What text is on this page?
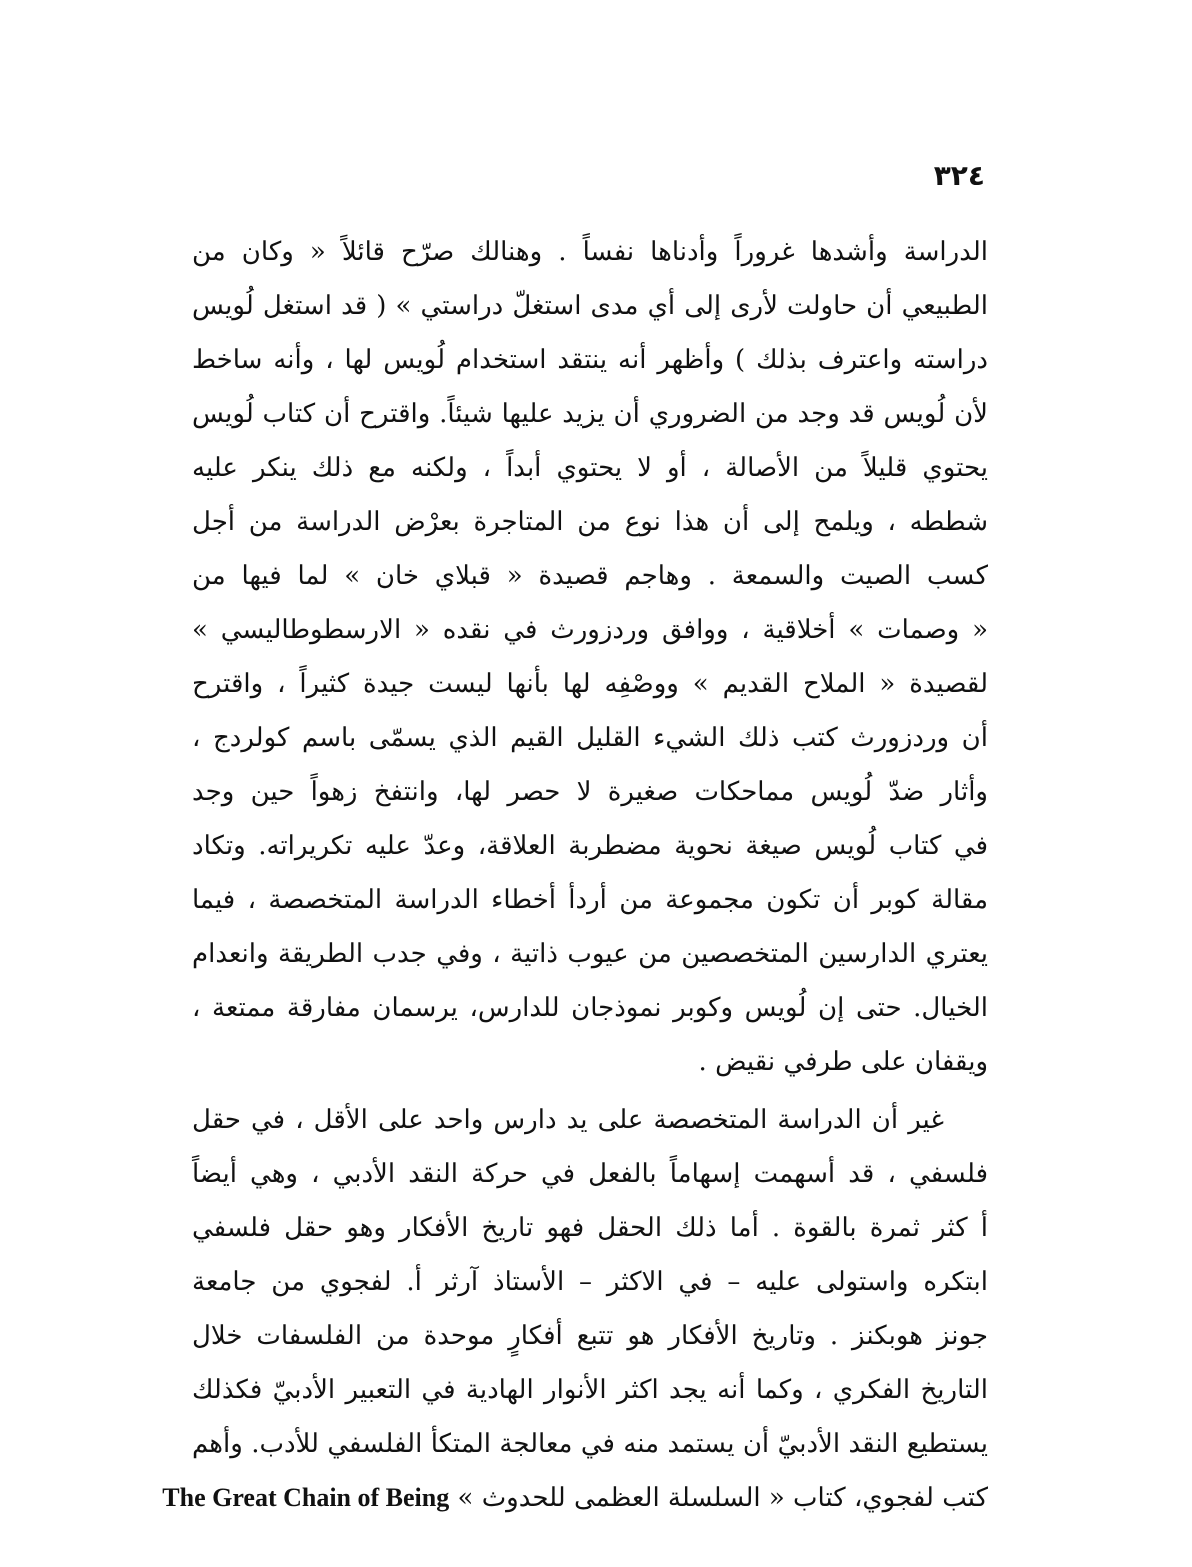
٣٢٤
الدراسة وأشدها غروراً وأدناها نفساً . وهنالك صرّح قائلاً « وكان من
الطبيعي أن حاولت لأرى إلى أي مدى استغلّ دراستي » ( قد استغل لُويس
دراسته واعترف بذلك ) وأظهر أنه ينتقد استخدام لُويس لها ، وأنه ساخط
لأن لُويس قد وجد من الضروري أن يزيد عليها شيئاً. واقترح أن كتاب لُويس
يحتوي قليلاً من الأصالة ، أو لا يحتوي أبداً ، ولكنه مع ذلك ينكر عليه
شططه ، ويلمح إلى أن هذا نوع من المتاجرة بعرْض الدراسة من أجل
كسب الصيت والسمعة . وهاجم قصيدة « قبلاي خان » لما فيها من
« وصمات » أخلاقية ، ووافق وردزورث في نقده « الارسطوطاليسي »
لقصيدة « الملاح القديم » ووصْفِه لها بأنها ليست جيدة كثيراً ، واقترح
أن وردزورث كتب ذلك الشيء القليل القيم الذي يسمّى باسم كولردج ،
وأثار ضدّ لُويس مماحكات صغيرة لا حصر لها، وانتفخ زهواً حين وجد
في كتاب لُويس صيغة نحوية مضطربة العلاقة، وعدّ عليه تكريراته. وتكاد
مقالة كوبر أن تكون مجموعة من أردأ أخطاء الدراسة المتخصصة ، فيما
يعتري الدارسين المتخصصين من عيوب ذاتية ، وفي جدب الطريقة وانعدام
الخيال. حتى إن لُويس وكوبر نموذجان للدارس، يرسمان مفارقة ممتعة ،
ويقفان على طرفي نقيض .
غير أن الدراسة المتخصصة على يد دارس واحد على الأقل ، في حقل
فلسفي ، قد أسهمت إسهاماً بالفعل في حركة النقد الأدبي ، وهي أيضاً
أ كثر ثمرة بالقوة . أما ذلك الحقل فهو تاريخ الأفكار وهو حقل فلسفي
ابتكره واستولى عليه – في الاكثر – الأستاذ آرثر أ. لفجوي من جامعة
جونز هوبكنز . وتاريخ الأفكار هو تتبع أفكارٍ موحدة من الفلسفات خلال
التاريخ الفكري ، وكما أنه يجد اكثر الأنوار الهادية في التعبير الأدبيّ فكذلك
يستطيع النقد الأدبيّ أن يستمد منه في معالجة المتكأ الفلسفي للأدب. وأهم
كتب لفجوي، كتاب « السلسلة العظمى للحدوث » The Great Chain of Being
